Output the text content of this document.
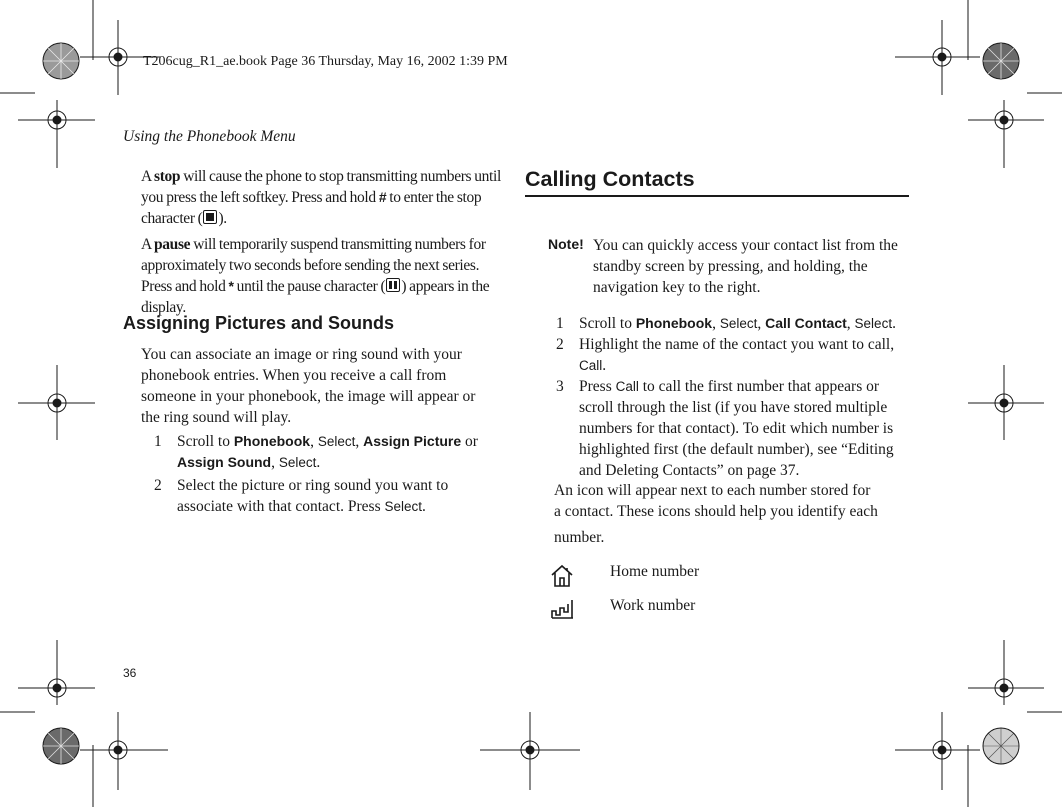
T206cug_R1_ae.book Page 36 Thursday, May 16, 2002 1:39 PM
Using the Phonebook Menu

A stop will cause the phone to stop transmitting numbers until you press the left softkey. Press and hold # to enter the stop character ( ).

A pause will temporarily suspend transmitting numbers for approximately two seconds before sending the next series.
Press and hold * until the pause character ( ) appears in the display.

Assigning Pictures and Sounds

You can associate an image or ring sound with your phonebook entries. When you receive a call from someone in your phonebook, the image will appear or the ring sound will play.

1 Scroll to Phonebook, Select, Assign Picture or Assign Sound, Select.
2 Select the picture or ring sound you want to associate with that contact. Press Select.
Calling Contacts
Note! You can quickly access your contact list from the standby screen by pressing, and holding, the navigation key to the right.
1 Scroll to Phonebook, Select, Call Contact, Select.
2 Highlight the name of the contact you want to call, Call.
3 Press Call to call the first number that appears or scroll through the list (if you have stored multiple numbers for that contact). To edit which number is highlighted first (the default number), see “Editing and Deleting Contacts” on page 37.
An icon will appear next to each number stored for
a contact. These icons should help you identify each
number.
Home number
Work number
36
